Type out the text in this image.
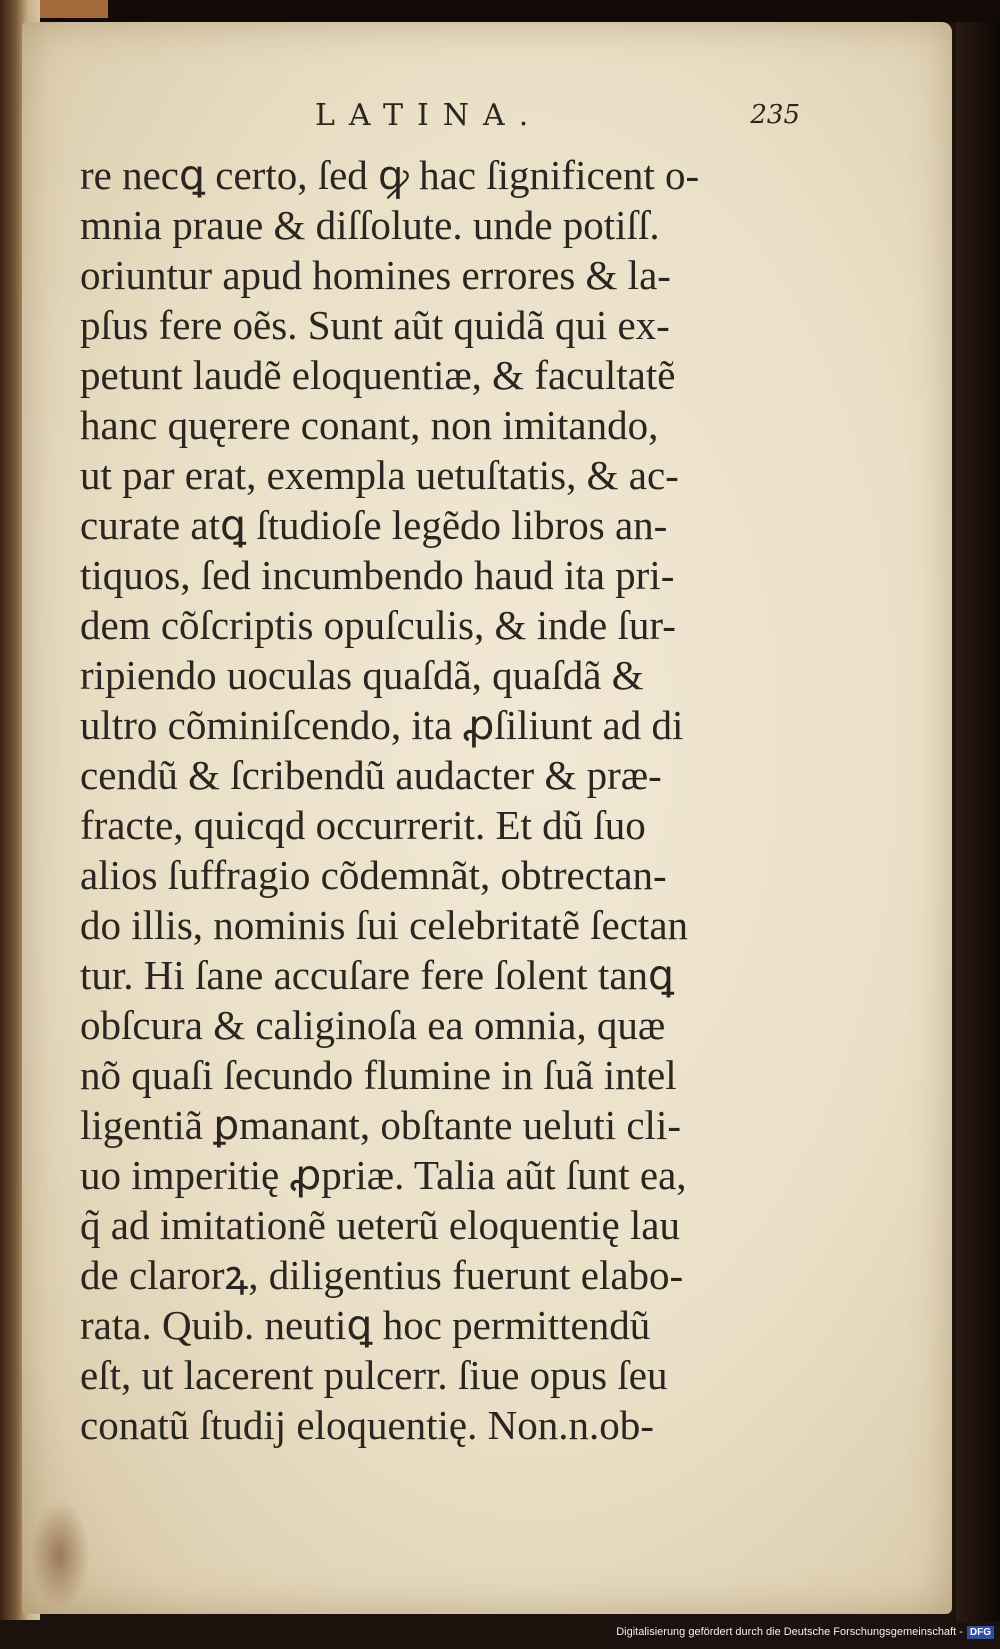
LATINA.	235
re necꝗ certo, ſed ꝙ hac ſignificent o-
mnia praue & diſſolute. unde potiſſ.
oriuntur apud homines errores & la-
pſus fere oẽs. Sunt aũt quidã qui ex-
petunt laudẽ eloquentiæ, & facultatẽ
hanc quęrere conant, non imitando,
ut par erat, exempla uetuſtatis, & ac-
curate atꝗ ſtudioſe legẽdo libros an-
tiquos, ſed incumbendo haud ita pri-
dem cõſcriptis opuſculis, & inde ſur-
ripiendo uoculas quaſdã, quaſdã &
ultro cõminiſcendo, ita ꝓſiliunt ad di
cendũ & ſcribendũ audacter & præ-
fracte, quicqd occurrerit. Et dũ ſuo
alios ſuffragio cõdemnãt, obtrectan-
do illis, nominis ſui celebritatẽ ſectan
tur. Hi ſane accuſare fere ſolent tanꝗ
obſcura & caliginoſa ea omnia, quæ
nõ quaſi ſecundo flumine in ſuã intel
ligentiã ꝑmanant, obſtante ueluti cli-
uo imperitię ꝓpriæ. Talia aũt ſunt ea,
q̃ ad imitationẽ ueterũ eloquentię lau
de clarorꝝ, diligentius fuerunt elabo-
rata. Quib. neutiꝗ hoc permittendũ
eſt, ut lacerent pulcerr. ſiue opus ſeu
conatũ ſtudij eloquentię. Non.n.ob-
Digitalisierung gefördert durch die Deutsche Forschungsgemeinschaft - DFG
